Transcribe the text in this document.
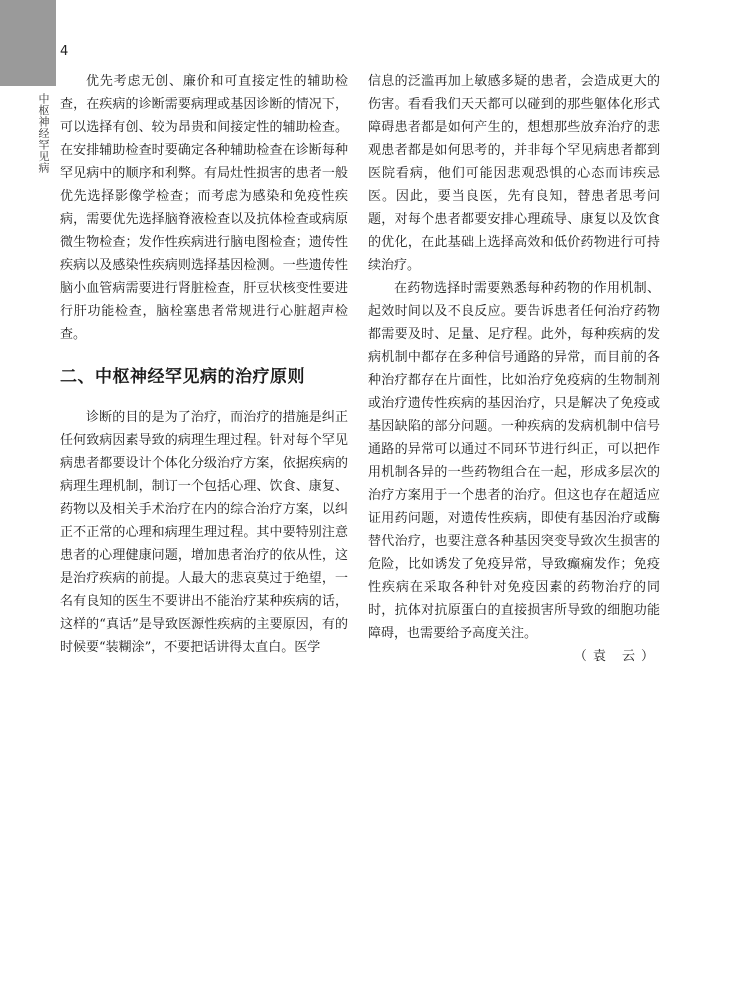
4
中枢神经罕见病

优先考虑无创、廉价和可直接定性的辅助检查，在疾病的诊断需要病理或基因诊断的情况下，可以选择有创、较为昂贵和间接定性的辅助检查。在安排辅助检查时要确定各种辅助检查在诊断每种罕见病中的顺序和利弊。有局灶性损害的患者一般优先选择影像学检查；而考虑为感染和免疫性疾病，需要优先选择脑脊液检查以及抗体检查或病原微生物检查；发作性疾病进行脑电图检查；遗传性疾病以及感染性疾病则选择基因检测。一些遗传性脑小血管病需要进行肾脏检查，肝豆状核变性要进行肝功能检查，脑栓塞患者常规进行心脏超声检查。

二、中枢神经罕见病的治疗原则

诊断的目的是为了治疗，而治疗的措施是纠正任何致病因素导致的病理生理过程。针对每个罕见病患者都要设计个体化分级治疗方案，依据疾病的病理生理机制，制订一个包括心理、饮食、康复、药物以及相关手术治疗在内的综合治疗方案，以纠正不正常的心理和病理生理过程。其中要特别注意患者的心理健康问题，增加患者治疗的依从性，这是治疗疾病的前提。人最大的悲哀莫过于绝望，一名有良知的医生不要讲出不能治疗某种疾病的话，这样的“真话”是导致医源性疾病的主要原因，有的时候要“装糊涂”，不要把话讲得太直白。医学

信息的泛滥再加上敏感多疑的患者，会造成更大的伤害。看看我们天天都可以碰到的那些躯体化形式障碍患者都是如何产生的，想想那些放弃治疗的悲观患者都是如何思考的，并非每个罕见病患者都到医院看病，他们可能因悲观恐惧的心态而讳疾忌医。因此，要当良医，先有良知，替患者思考问题，对每个患者都要安排心理疏导、康复以及饮食的优化，在此基础上选择高效和低价药物进行可持续治疗。

在药物选择时需要熟悉每种药物的作用机制、起效时间以及不良反应。要告诉患者任何治疗药物都需要及时、足量、足疗程。此外，每种疾病的发病机制中都存在多种信号通路的异常，而目前的各种治疗都存在片面性，比如治疗免疫病的生物制剂或治疗遗传性疾病的基因治疗，只是解决了免疫或基因缺陷的部分问题。一种疾病的发病机制中信号通路的异常可以通过不同环节进行纠正，可以把作用机制各异的一些药物组合在一起，形成多层次的治疗方案用于一个患者的治疗。但这也存在超适应证用药问题，对遗传性疾病，即使有基因治疗或酶替代治疗，也要注意各种基因突变导致次生损害的危险，比如诱发了免疫异常，导致癫痫发作；免疫性疾病在采取各种针对免疫因素的药物治疗的同时，抗体对抗原蛋白的直接损害所导致的细胞功能障碍，也需要给予高度关注。

（袁 云）
